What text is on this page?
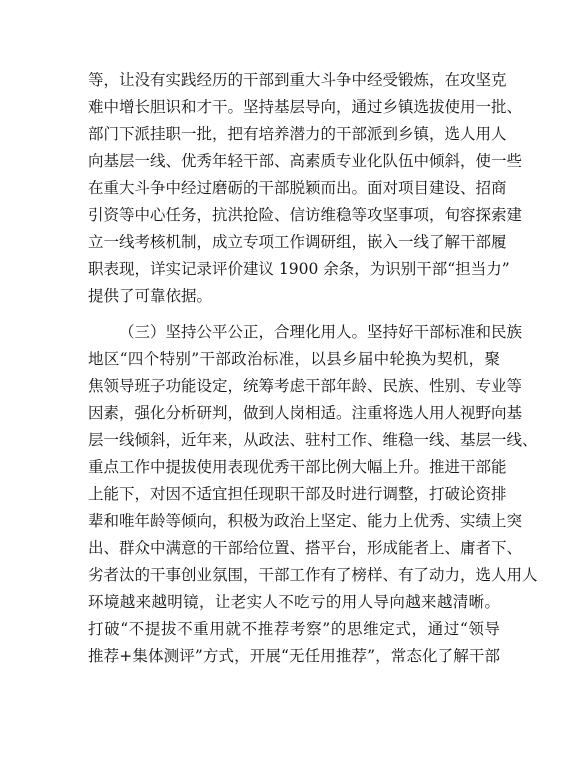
等，让没有实践经历的干部到重大斗争中经受锻炼，在攻坚克
难中增长胆识和才干。坚持基层导向，通过乡镇选拔使用一批、
部门下派挂职一批，把有培养潜力的干部派到乡镇，选人用人
向基层一线、优秀年轻干部、高素质专业化队伍中倾斜，使一些
在重大斗争中经过磨砺的干部脱颖而出。面对项目建设、招商
引资等中心任务，抗洪抢险、信访维稳等攻坚事项，旬容探索建
立一线考核机制，成立专项工作调研组，嵌入一线了解干部履
职表现，详实记录评价建议 1900 余条，为识别干部“担当力”
提供了可靠依据。
（三）坚持公平公正，合理化用人。坚持好干部标准和民族
地区“四个特别”干部政治标准，以县乡届中轮换为契机，聚
焦领导班子功能设定，统筹考虑干部年龄、民族、性别、专业等
因素，强化分析研判，做到人岗相适。注重将选人用人视野向基
层一线倾斜，近年来，从政法、驻村工作、维稳一线、基层一线、
重点工作中提拔使用表现优秀干部比例大幅上升。推进干部能
上能下，对因不适宜担任现职干部及时进行调整，打破论资排
辈和唯年龄等倾向，积极为政治上坚定、能力上优秀、实绩上突
出、群众中满意的干部给位置、搭平台，形成能者上、庸者下、
劣者汰的干事创业氛围，干部工作有了榜样、有了动力，选人用人
环境越来越明镜，让老实人不吃亏的用人导向越来越清晰。
打破“不提拔不重用就不推荐考察”的思维定式，通过“领导
推荐+集体测评”方式，开展“无任用推荐”，常态化了解干部
